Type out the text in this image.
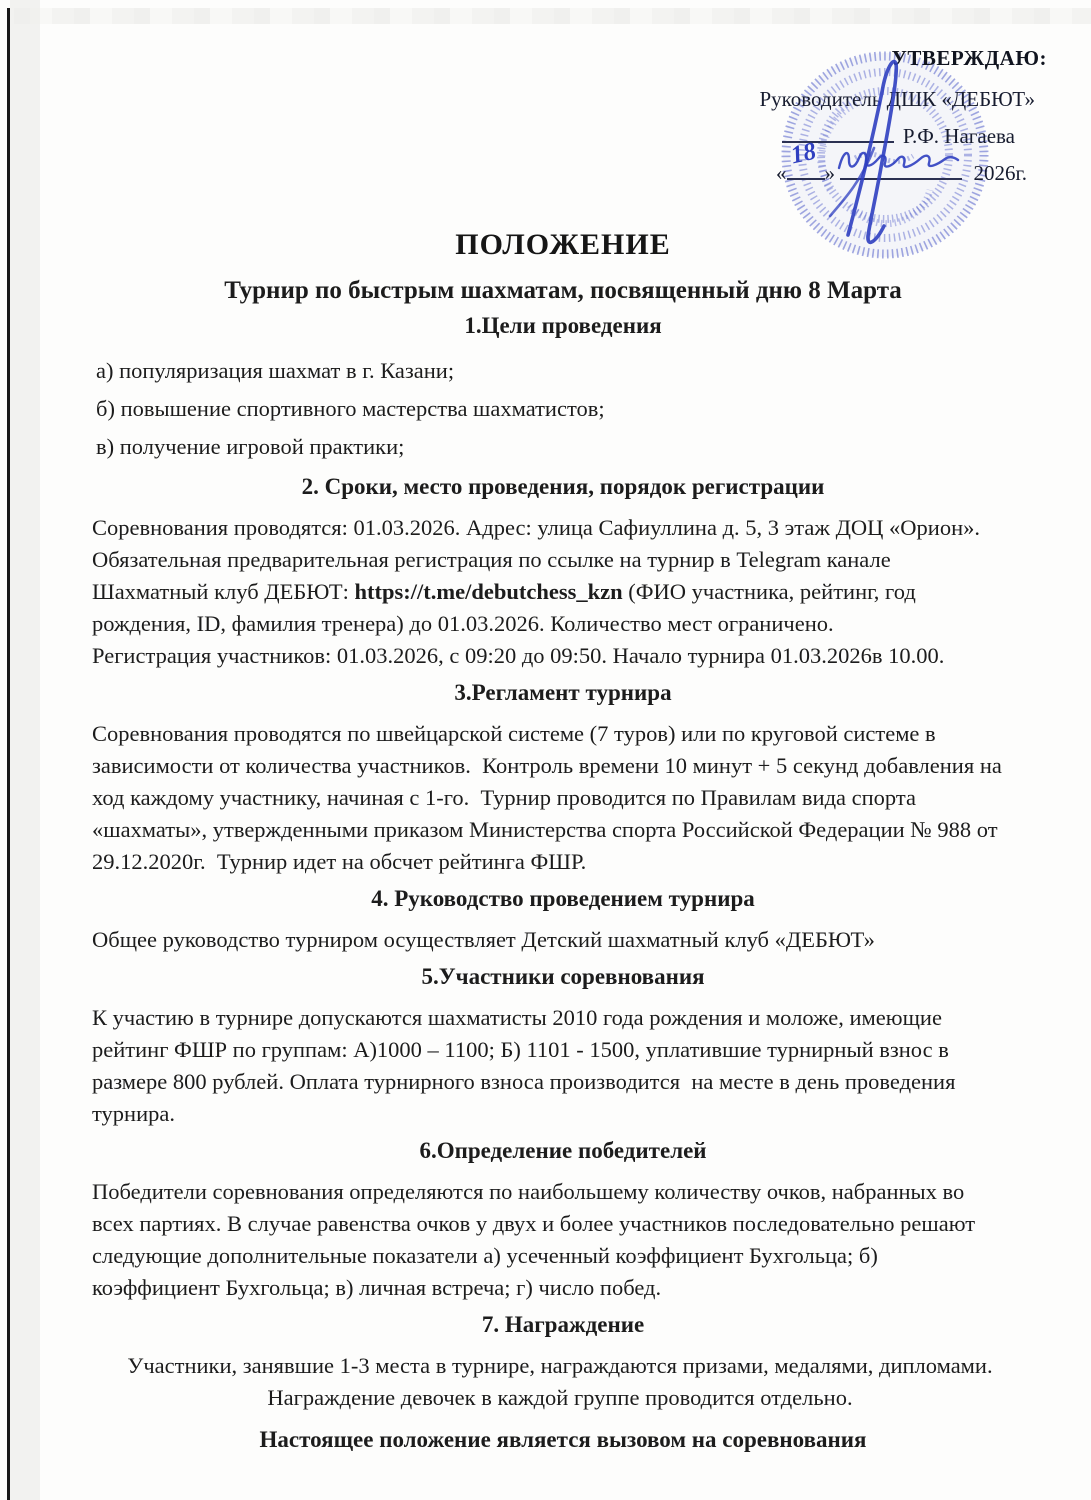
УТВЕРЖДАЮ:
Руководитель ДШК «ДЕБЮТ»
Р.Ф. Нагаева
«
18
»	2026г.
ПОЛОЖЕНИЕ
Турнир по быстрым шахматам, посвященный дню 8 Марта
1.Цели проведения
а) популяризация шахмат в г. Казани;
б) повышение спортивного мастерства шахматистов;
в) получение игровой практики;
2. Сроки, место проведения, порядок регистрации

Соревнования проводятся: 01.03.2026. Адрес: улица Сафиуллина д. 5, 3 этаж ДОЦ «Орион». Обязательная предварительная регистрация по ссылке на турнир в Telegram канале Шахматный клуб ДЕБЮТ: https://t.me/debutchess_kzn (ФИО участника, рейтинг, год рождения, ID, фамилия тренера) до 01.03.2026. Количество мест ограничено.

Регистрация участников: 01.03.2026, с 09:20 до 09:50. Начало турнира 01.03.2026в 10.00.

3.Регламент турнира

Соревнования проводятся по швейцарской системе (7 туров) или по круговой системе в зависимости от количества участников.  Контроль времени 10 минут + 5 секунд добавления на ход каждому участнику, начиная с 1-го.  Турнир проводится по Правилам вида спорта «шахматы», утвержденными приказом Министерства спорта Российской Федерации № 988 от 29.12.2020г.  Турнир идет на обсчет рейтинга ФШР.

4. Руководство проведением турнира

Общее руководство турниром осуществляет Детский шахматный клуб «ДЕБЮТ»

5.Участники соревнования

К участию в турнире допускаются шахматисты 2010 года рождения и моложе, имеющие рейтинг ФШР по группам: А)1000 – 1100; Б) 1101 - 1500, уплатившие турнирный взнос в размере 800 рублей. Оплата турнирного взноса производится  на месте в день проведения турнира.

6.Определение победителей

Победители соревнования определяются по наибольшему количеству очков, набранных во всех партиях. В случае равенства очков у двух и более участников последовательно решают следующие дополнительные показатели а) усеченный коэффициент Бухгольца; б) коэффициент Бухгольца; в) личная встреча; г) число побед.

7. Награждение
Участники, занявшие 1-3 места в турнире, награждаются призами, медалями, дипломами.
Награждение девочек в каждой группе проводится отдельно.
Настоящее положение является вызовом на соревнования
